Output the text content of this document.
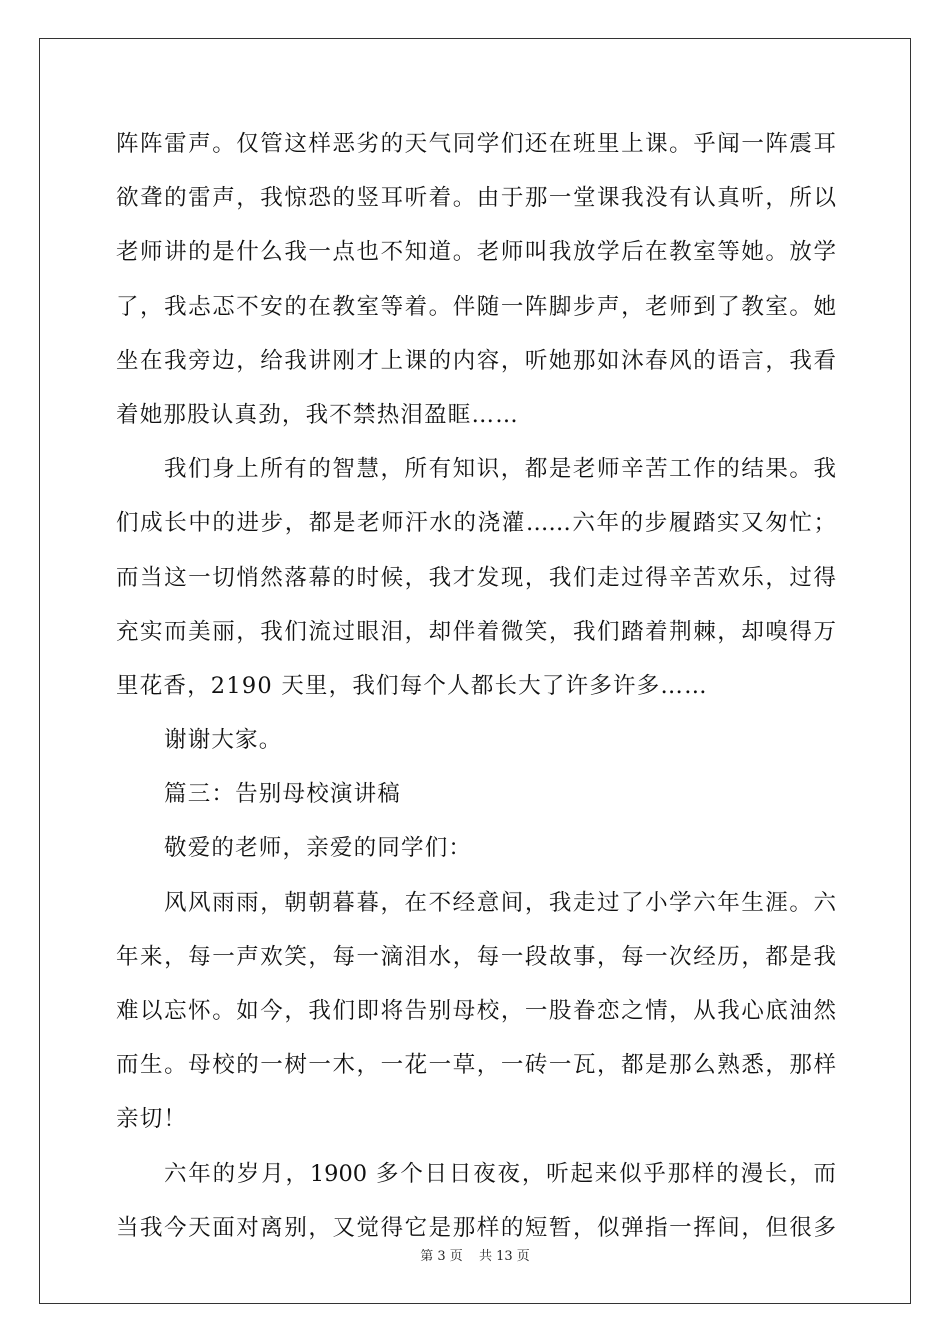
阵阵雷声。仅管这样恶劣的天气同学们还在班里上课。乎闻一阵震耳
欲聋的雷声，我惊恐的竖耳听着。由于那一堂课我没有认真听，所以
老师讲的是什么我一点也不知道。老师叫我放学后在教室等她。放学
了，我忐忑不安的在教室等着。伴随一阵脚步声，老师到了教室。她
坐在我旁边，给我讲刚才上课的内容，听她那如沐春风的语言，我看
着她那股认真劲，我不禁热泪盈眶……
我们身上所有的智慧，所有知识，都是老师辛苦工作的结果。我
们成长中的进步，都是老师汗水的浇灌……六年的步履踏实又匆忙；
而当这一切悄然落幕的时候，我才发现，我们走过得辛苦欢乐，过得
充实而美丽，我们流过眼泪，却伴着微笑，我们踏着荆棘，却嗅得万
里花香，2190 天里，我们每个人都长大了许多许多……
谢谢大家。
篇三：告别母校演讲稿
敬爱的老师，亲爱的同学们：
风风雨雨，朝朝暮暮，在不经意间，我走过了小学六年生涯。六
年来，每一声欢笑，每一滴泪水，每一段故事，每一次经历，都是我
难以忘怀。如今，我们即将告别母校，一股眷恋之情，从我心底油然
而生。母校的一树一木，一花一草，一砖一瓦，都是那么熟悉，那样
亲切！
六年的岁月，1900 多个日日夜夜，听起来似乎那样的漫长，而
当我今天面对离别，又觉得它是那样的短暂，似弹指一挥间，但很多
第 3 页 共 13 页
